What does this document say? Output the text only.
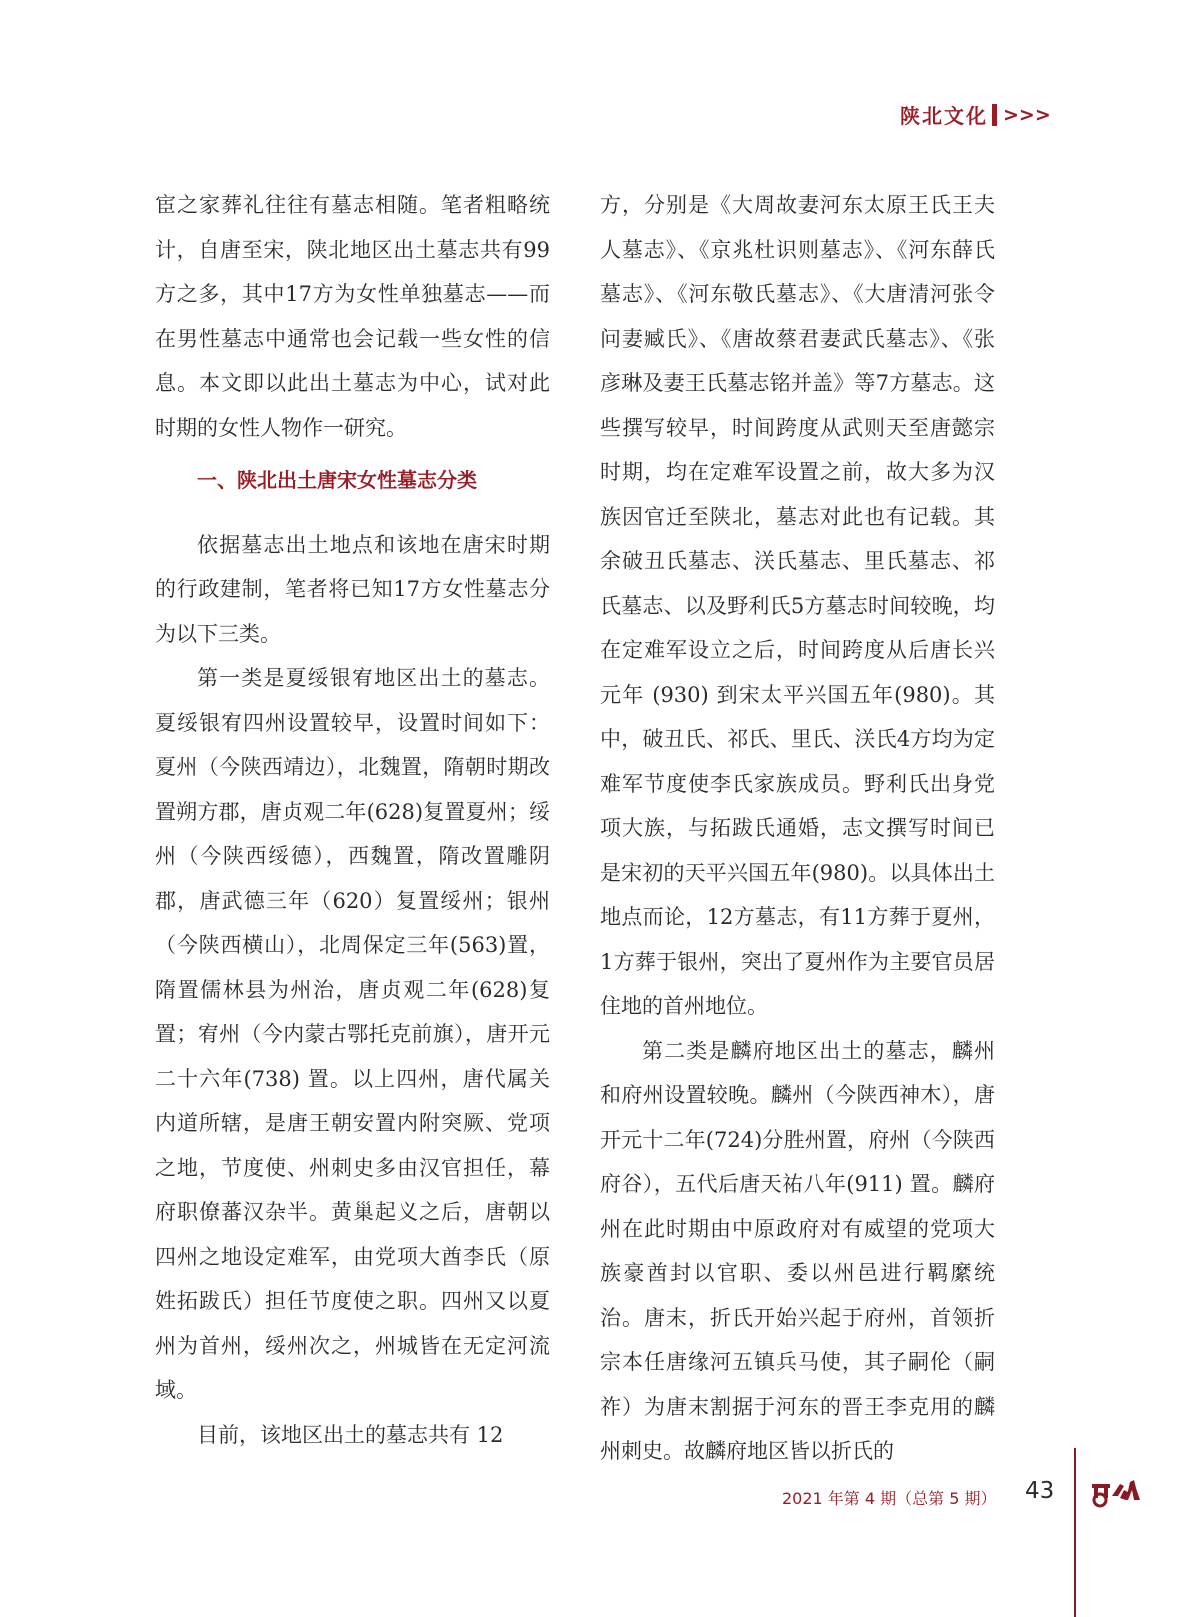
陕北文化 >>>

宦之家葬礼往往有墓志相随。笔者粗略统计，自唐至宋，陕北地区出土墓志共有99方之多，其中17方为女性单独墓志——而在男性墓志中通常也会记载一些女性的信息。本文即以此出土墓志为中心，试对此时期的女性人物作一研究。

一、陕北出土唐宋女性墓志分类

依据墓志出土地点和该地在唐宋时期的行政建制，笔者将已知17方女性墓志分为以下三类。

第一类是夏绥银宥地区出土的墓志。夏绥银宥四州设置较早，设置时间如下：夏州（今陕西靖边），北魏置，隋朝时期改置朔方郡，唐贞观二年(628)复置夏州；绥州（今陕西绥德），西魏置，隋改置雕阴郡，唐武德三年（620）复置绥州；银州（今陕西横山），北周保定三年(563)置，隋置儒林县为州治，唐贞观二年(628)复置；宥州（今内蒙古鄂托克前旗），唐开元二十六年(738) 置。以上四州，唐代属关内道所辖，是唐王朝安置内附突厥、党项之地，节度使、州刺史多由汉官担任，幕府职僚蕃汉杂半。黄巢起义之后，唐朝以四州之地设定难军，由党项大酋李氏（原姓拓跋氏）担任节度使之职。四州又以夏州为首州，绥州次之，州城皆在无定河流域。

目前，该地区出土的墓志共有 12

方，分别是《大周故妻河东太原王氏王夫人墓志》、《京兆杜识则墓志》、《河东薛氏墓志》、《河东敬氏墓志》、《大唐清河张令问妻臧氏》、《唐故蔡君妻武氏墓志》、《张彦琳及妻王氏墓志铭并盖》等7方墓志。这些撰写较早，时间跨度从武则天至唐懿宗时期，均在定难军设置之前，故大多为汉族因官迁至陕北，墓志对此也有记载。其余破丑氏墓志、浂氏墓志、里氏墓志、祁氏墓志、以及野利氏5方墓志时间较晚，均在定难军设立之后，时间跨度从后唐长兴元年 (930) 到宋太平兴国五年(980)。其中，破丑氏、祁氏、里氏、浂氏4方均为定难军节度使李氏家族成员。野利氏出身党项大族，与拓跋氏通婚，志文撰写时间已是宋初的天平兴国五年(980)。以具体出土地点而论，12方墓志，有11方葬于夏州，1方葬于银州，突出了夏州作为主要官员居住地的首州地位。

第二类是麟府地区出土的墓志，麟州和府州设置较晚。麟州（今陕西神木），唐开元十二年(724)分胜州置，府州（今陕西府谷），五代后唐天祐八年(911) 置。麟府州在此时期由中原政府对有威望的党项大族豪酋封以官职、委以州邑进行羁縻统治。唐末，折氏开始兴起于府州，首领折宗本任唐缘河五镇兵马使，其子嗣伦（嗣祚）为唐末割据于河东的晋王李克用的麟州刺史。故麟府地区皆以折氏的

2021 年第 4 期（总第 5 期） 43
